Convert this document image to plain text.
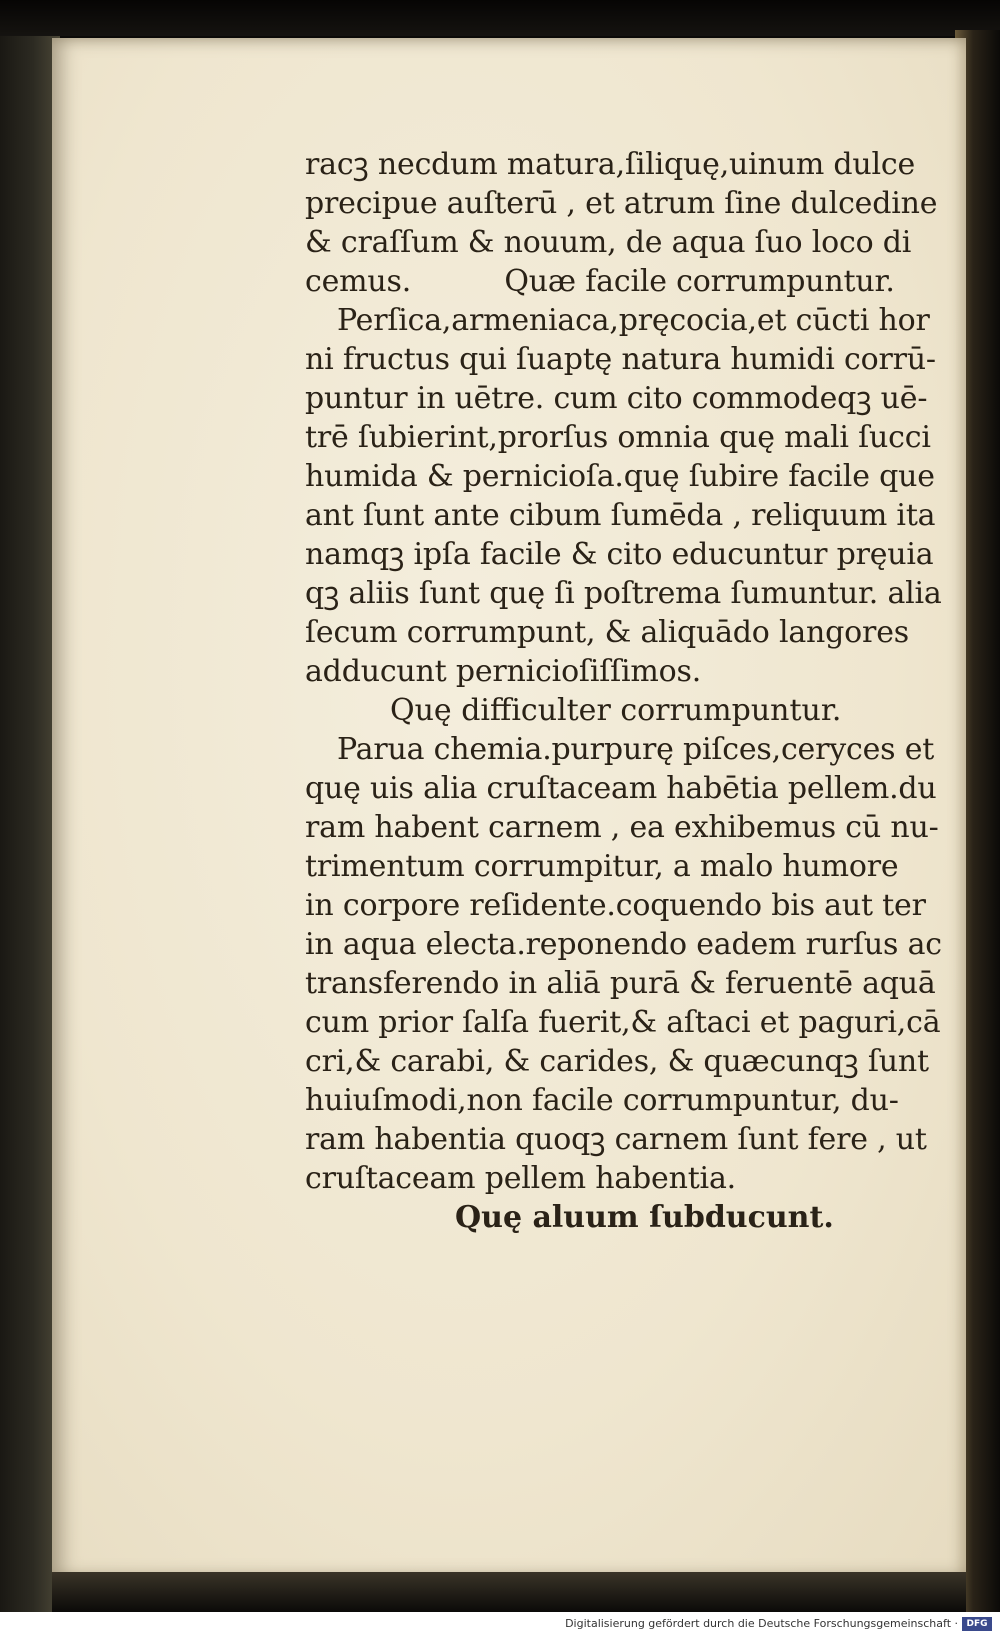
racꝫ necdum matura,ſiliquę,uinum dulce
precipue auſterū , et atrum ſine dulcedine
& craſſum & nouum, de aqua ſuo loco di
cemus.          Quæ facile corrumpuntur.
Perſica,armeniaca,pręcocia,et cūcti hor
ni fructus qui ſuaptę natura humidi corrū-
puntur in uētre. cum cito commodeqꝫ uē-
trē ſubierint,prorſus omnia quę mali ſucci
humida & pernicioſa.quę ſubire facile que
ant ſunt ante cibum ſumēda , reliquum ita
namqꝫ ipſa facile & cito educuntur pręuia
qꝫ aliis ſunt quę ſi poſtrema ſumuntur. alia
ſecum corrumpunt, & aliquādo langores
adducunt pernicioſiſſimos.
Quę difficulter corrumpuntur.
Parua chemia.purpurę piſces,ceryces et
quę uis alia cruſtaceam habētia pellem.du
ram habent carnem , ea exhibemus cū nu-
trimentum corrumpitur, a malo humore
in corpore reſidente.coquendo bis aut ter
in aqua electa.reponendo eadem rurſus ac
transferendo in aliā purā & feruentē aquā
cum prior ſalſa fuerit,& aſtaci et paguri,cā
cri,& carabi, & carides, & quæcunqꝫ ſunt
huiuſmodi,non facile corrumpuntur, du-
ram habentia quoqꝫ carnem ſunt fere , ut
cruſtaceam pellem habentia.
Quę aluum ſubducunt.
Digitalisierung gefördert durch die Deutsche Forschungsgemeinschaft · DFG
